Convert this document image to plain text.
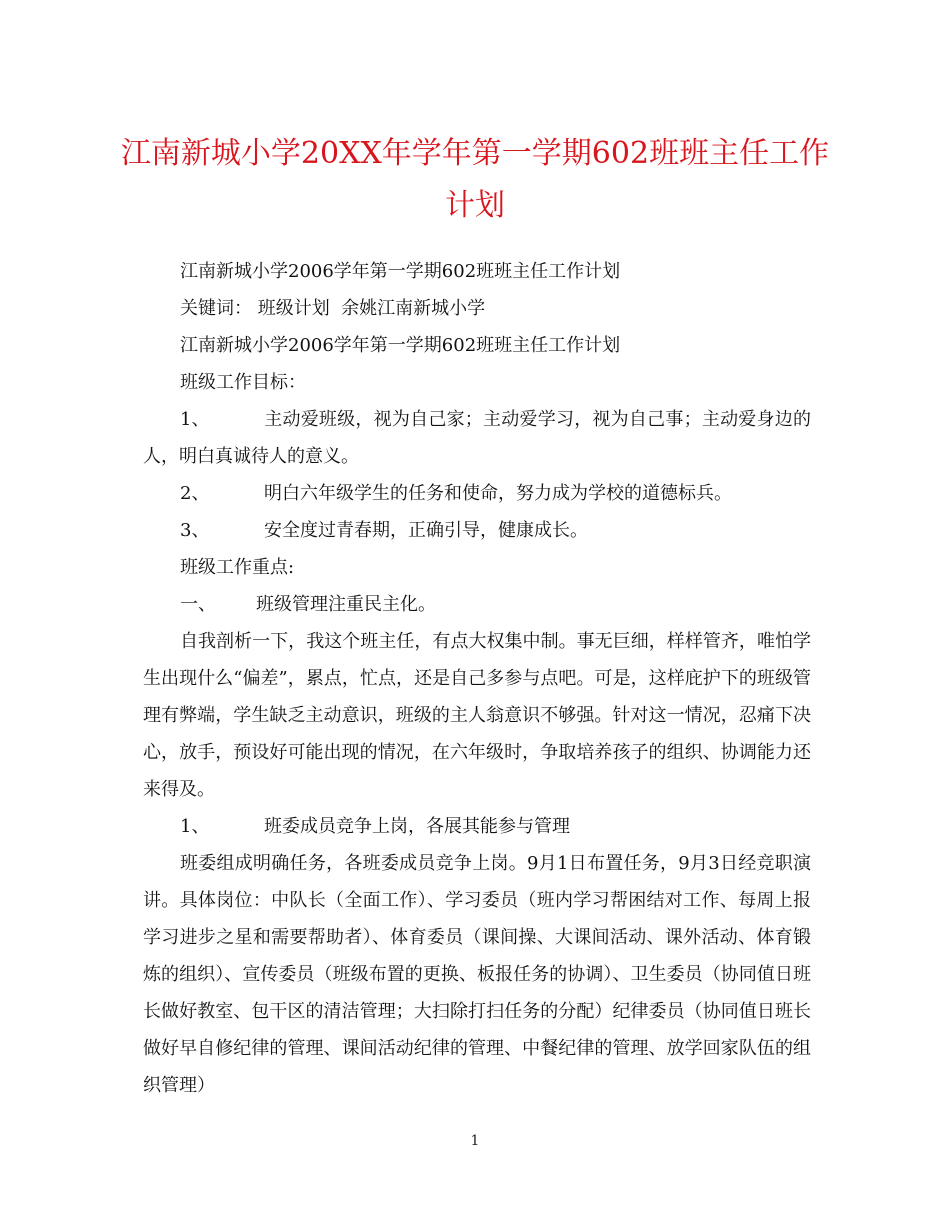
江南新城小学20XX年学年第一学期602班班主任工作
计划

江南新城小学2006学年第一学期602班班主任工作计划

关键词： 班级计划  余姚江南新城小学

江南新城小学2006学年第一学期602班班主任工作计划

班级工作目标：

1、	主动爱班级，视为自己家；主动爱学习，视为自己事；主动爱身边的人，明白真诚待人的意义。

2、	明白六年级学生的任务和使命，努力成为学校的道德标兵。

3、	安全度过青春期，正确引导，健康成长。

班级工作重点:

一、 班级管理注重民主化。

自我剖析一下，我这个班主任，有点大权集中制。事无巨细，样样管齐，唯怕学生出现什么“偏差”，累点，忙点，还是自己多参与点吧。可是，这样庇护下的班级管理有弊端，学生缺乏主动意识，班级的主人翁意识不够强。针对这一情况，忍痛下决心，放手，预设好可能出现的情况，在六年级时，争取培养孩子的组织、协调能力还来得及。

1、	班委成员竞争上岗，各展其能参与管理

班委组成明确任务，各班委成员竞争上岗。9月1日布置任务，9月3日经竞职演讲。具体岗位：中队长（全面工作）、学习委员（班内学习帮困结对工作、每周上报学习进步之星和需要帮助者）、体育委员（课间操、大课间活动、课外活动、体育锻炼的组织）、宣传委员（班级布置的更换、板报任务的协调）、卫生委员（协同值日班长做好教室、包干区的清洁管理；大扫除打扫任务的分配）纪律委员（协同值日班长做好早自修纪律的管理、课间活动纪律的管理、中餐纪律的管理、放学回家队伍的组织管理）

1
